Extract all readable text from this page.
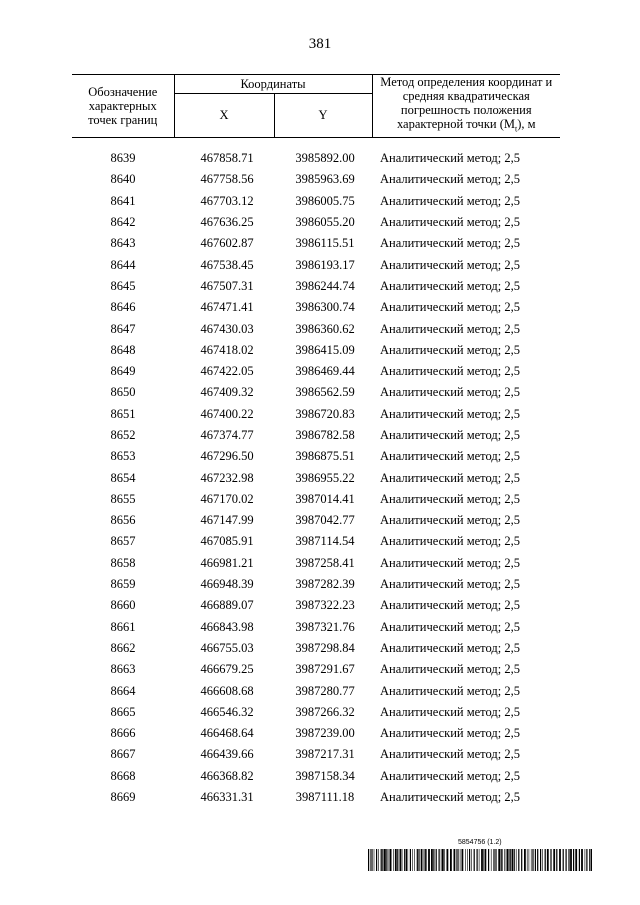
381
Обозначение характерных точек границ	Координаты		Метод определения координат и средняя квадратическая погрешность положения характерной точки $(M_t)$, м
	X	Y	
8639	467858.71	3985892.00	Аналитический метод; 2,5
8640	467758.56	3985963.69	Аналитический метод; 2,5
8641	467703.12	3986005.75	Аналитический метод; 2,5
8642	467636.25	3986055.20	Аналитический метод; 2,5
8643	467602.87	3986115.51	Аналитический метод; 2,5
8644	467538.45	3986193.17	Аналитический метод; 2,5
8645	467507.31	3986244.74	Аналитический метод; 2,5
8646	467471.41	3986300.74	Аналитический метод; 2,5
8647	467430.03	3986360.62	Аналитический метод; 2,5
8648	467418.02	3986415.09	Аналитический метод; 2,5
8649	467422.05	3986469.44	Аналитический метод; 2,5
8650	467409.32	3986562.59	Аналитический метод; 2,5
8651	467400.22	3986720.83	Аналитический метод; 2,5
8652	467374.77	3986782.58	Аналитический метод; 2,5
8653	467296.50	3986875.51	Аналитический метод; 2,5
8654	467232.98	3986955.22	Аналитический метод; 2,5
8655	467170.02	3987014.41	Аналитический метод; 2,5
8656	467147.99	3987042.77	Аналитический метод; 2,5
8657	467085.91	3987114.54	Аналитический метод; 2,5
8658	466981.21	3987258.41	Аналитический метод; 2,5
8659	466948.39	3987282.39	Аналитический метод; 2,5
8660	466889.07	3987322.23	Аналитический метод; 2,5
8661	466843.98	3987321.76	Аналитический метод; 2,5
8662	466755.03	3987298.84	Аналитический метод; 2,5
8663	466679.25	3987291.67	Аналитический метод; 2,5
8664	466608.68	3987280.77	Аналитический метод; 2,5
8665	466546.32	3987266.32	Аналитический метод; 2,5
8666	466468.64	3987239.00	Аналитический метод; 2,5
8667	466439.66	3987217.31	Аналитический метод; 2,5
8668	466368.82	3987158.34	Аналитический метод; 2,5
8669	466331.31	3987111.18	Аналитический метод; 2,5
5854756 (1.2)
